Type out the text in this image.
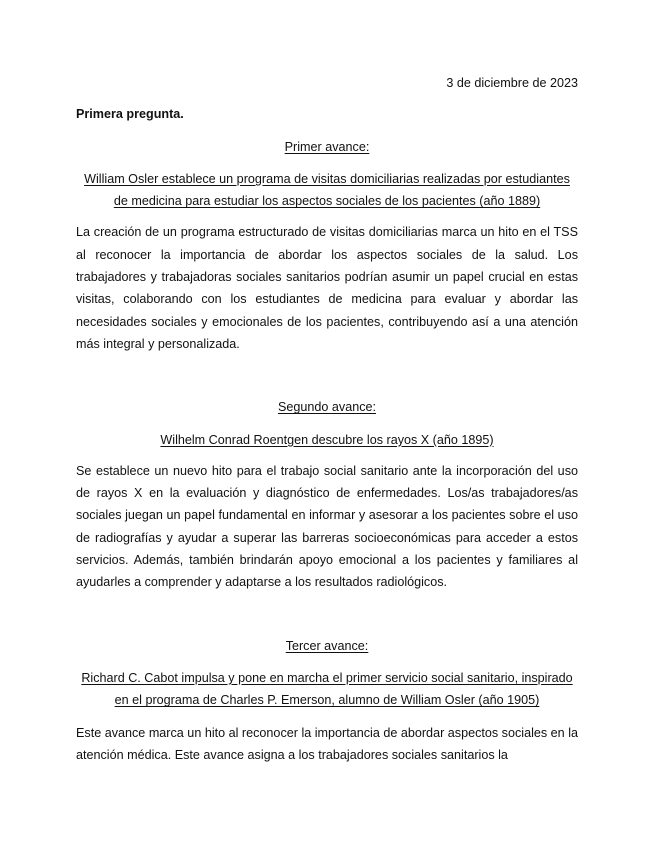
3 de diciembre de 2023

Primera pregunta.

Primer avance:

William Osler establece un programa de visitas domiciliarias realizadas por estudiantes de medicina para estudiar los aspectos sociales de los pacientes (año 1889)

La creación de un programa estructurado de visitas domiciliarias marca un hito en el TSS al reconocer la importancia de abordar los aspectos sociales de la salud. Los trabajadores y trabajadoras sociales sanitarios podrían asumir un papel crucial en estas visitas, colaborando con los estudiantes de medicina para evaluar y abordar las necesidades sociales y emocionales de los pacientes, contribuyendo así a una atención más integral y personalizada.

Segundo avance:

Wilhelm Conrad Roentgen descubre los rayos X (año 1895)

Se establece un nuevo hito para el trabajo social sanitario ante la incorporación del uso de rayos X en la evaluación y diagnóstico de enfermedades. Los/as trabajadores/as sociales juegan un papel fundamental en informar y asesorar a los pacientes sobre el uso de radiografías y ayudar a superar las barreras socioeconómicas para acceder a estos servicios. Además, también brindarán apoyo emocional a los pacientes y familiares al ayudarles a comprender y adaptarse a los resultados radiológicos.

Tercer avance:

Richard C. Cabot impulsa y pone en marcha el primer servicio social sanitario, inspirado en el programa de Charles P. Emerson, alumno de William Osler (año 1905)

Este avance marca un hito al reconocer la importancia de abordar aspectos sociales en la atención médica. Este avance asigna a los trabajadores sociales sanitarios la
